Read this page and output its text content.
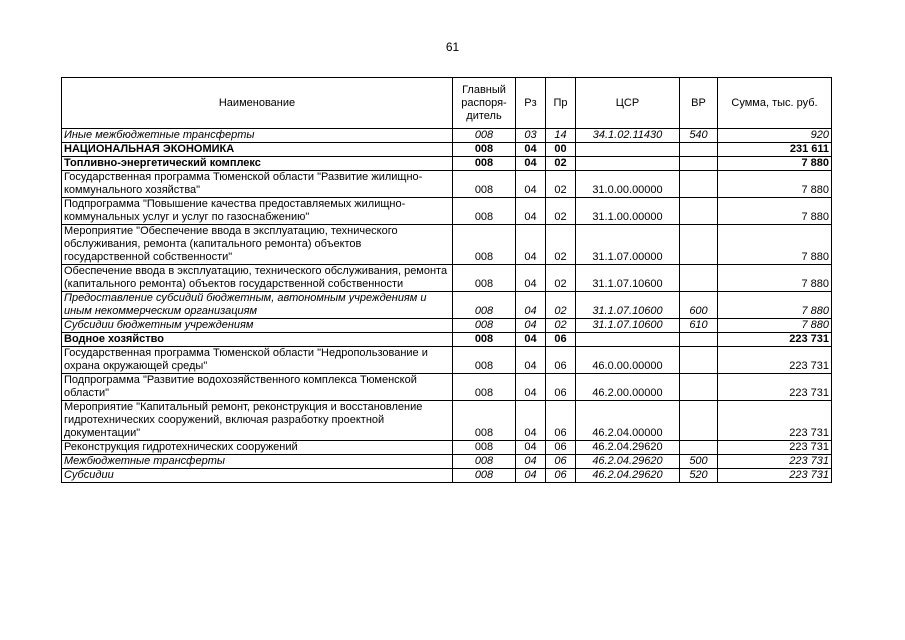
61
Наименование	Главный распоря-дитель	Рз	Пр	ЦСР	ВР	Сумма, тыс. руб.
Иные межбюджетные трансферты	008	03	14	34.1.02.11430	540	920
НАЦИОНАЛЬНАЯ ЭКОНОМИКА	008	04	00			231 611
Топливно-энергетический комплекс	008	04	02			7 880
Государственная программа Тюменской области "Развитие жилищно-коммунального хозяйства"	008	04	02	31.0.00.00000		7 880
Подпрограмма "Повышение качества предоставляемых жилищно-коммунальных услуг и услуг по газоснабжению"	008	04	02	31.1.00.00000		7 880
Мероприятие "Обеспечение ввода в эксплуатацию, технического обслуживания, ремонта (капитального ремонта) объектов государственной собственности"	008	04	02	31.1.07.00000		7 880
Обеспечение ввода в эксплуатацию, технического обслуживания, ремонта (капитального ремонта) объектов государственной собственности	008	04	02	31.1.07.10600		7 880
Предоставление субсидий бюджетным, автономным учреждениям и иным некоммерческим организациям	008	04	02	31.1.07.10600	600	7 880
Субсидии бюджетным учреждениям	008	04	02	31.1.07.10600	610	7 880
Водное хозяйство	008	04	06			223 731
Государственная программа Тюменской области "Недропользование и охрана окружающей среды"	008	04	06	46.0.00.00000		223 731
Подпрограмма "Развитие водохозяйственного комплекса Тюменской области"	008	04	06	46.2.00.00000		223 731
Мероприятие "Капитальный ремонт, реконструкция и восстановление гидротехнических сооружений, включая разработку проектной документации"	008	04	06	46.2.04.00000		223 731
Реконструкция гидротехнических сооружений	008	04	06	46.2.04.29620		223 731
Межбюджетные трансферты	008	04	06	46.2.04.29620	500	223 731
Субсидии	008	04	06	46.2.04.29620	520	223 731
